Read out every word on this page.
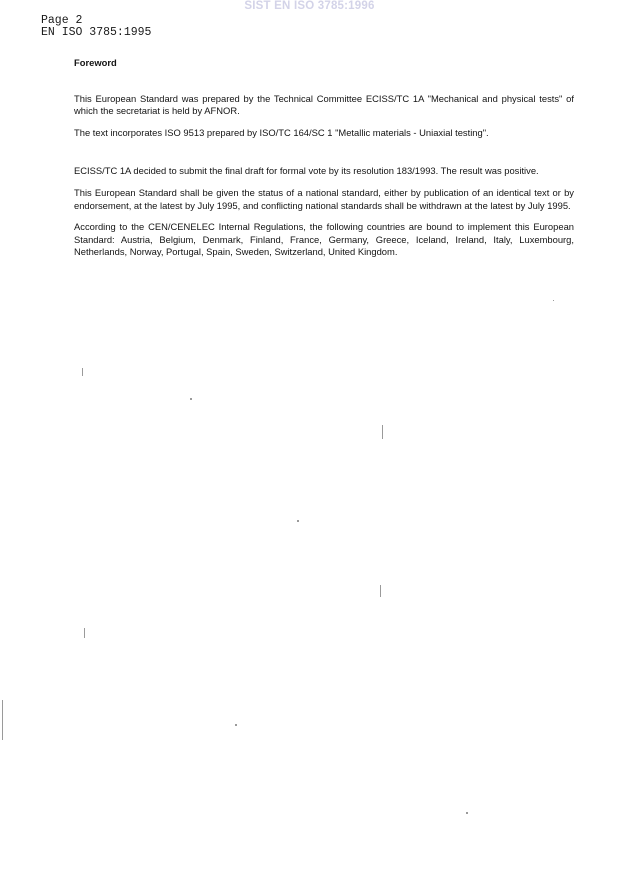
SIST EN ISO 3785:1996
Page 2
EN ISO 3785:1995
Foreword

This European Standard was prepared by the Technical Committee ECISS/TC 1A "Mechanical and physical tests" of which the secretariat is held by AFNOR.

The text incorporates ISO 9513 prepared by ISO/TC 164/SC 1 "Metallic materials - Uniaxial testing".

ECISS/TC 1A decided to submit the final draft for formal vote by its resolution 183/1993. The result was positive.

This European Standard shall be given the status of a national standard, either by publication of an identical text or by endorsement, at the latest by July 1995, and conflicting national standards shall be withdrawn at the latest by July 1995.

According to the CEN/CENELEC Internal Regulations, the following countries are bound to implement this European Standard: Austria, Belgium, Denmark, Finland, France, Germany, Greece, Iceland, Ireland, Italy, Luxembourg, Netherlands, Norway, Portugal, Spain, Sweden, Switzerland, United Kingdom.
